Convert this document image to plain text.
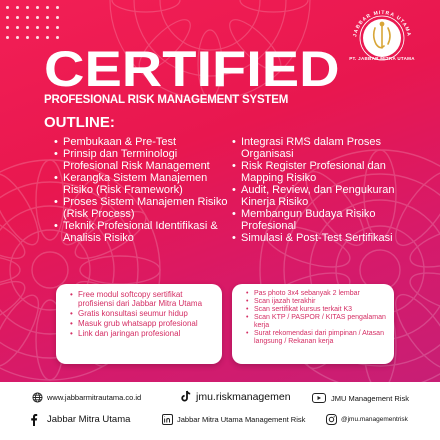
JABBAR MITRA UTAMA
PT. JABBAR MITRA UTAMA
CERTIFIED
PROFESIONAL RISK MANAGEMENT SYSTEM
OUTLINE:
• Pembukaan & Pre-Test
• Prinsip dan Terminologi Profesional Risk Management
• Kerangka Sistem Manajemen Risiko (Risk Framework)
• Proses Sistem Manajemen Risiko (Risk Process)
• Teknik Profesional Identifikasi & Analisis Risiko
• Integrasi RMS dalam Proses Organisasi
• Risk Register Profesional dan Mapping Risiko
• Audit, Review, dan Pengukuran Kinerja Risiko
• Membangun Budaya Risiko Profesional
• Simulasi & Post-Test Sertifikasi
• Free modul softcopy sertifikat profisiensi dari Jabbar Mitra Utama
• Gratis konsultasi seumur hidup
• Masuk grub whatsapp profesional
• Link dan jaringan profesional
• Pas photo 3x4 sebanyak 2 lembar
• Scan ijazah terakhir
• Scan sertifikat kursus terkait K3
• Scan KTP / PASPOR / KITAS pengalaman kerja
• Surat rekomendasi dari pimpinan / Atasan langsung / Rekanan kerja
www.jabbarmitrautama.co.id	jmu.riskmanagemen	JMU Management Risk
Jabbar Mitra Utama	Jabbar Mitra Utama Management Risk	@jmu.managementrisk
